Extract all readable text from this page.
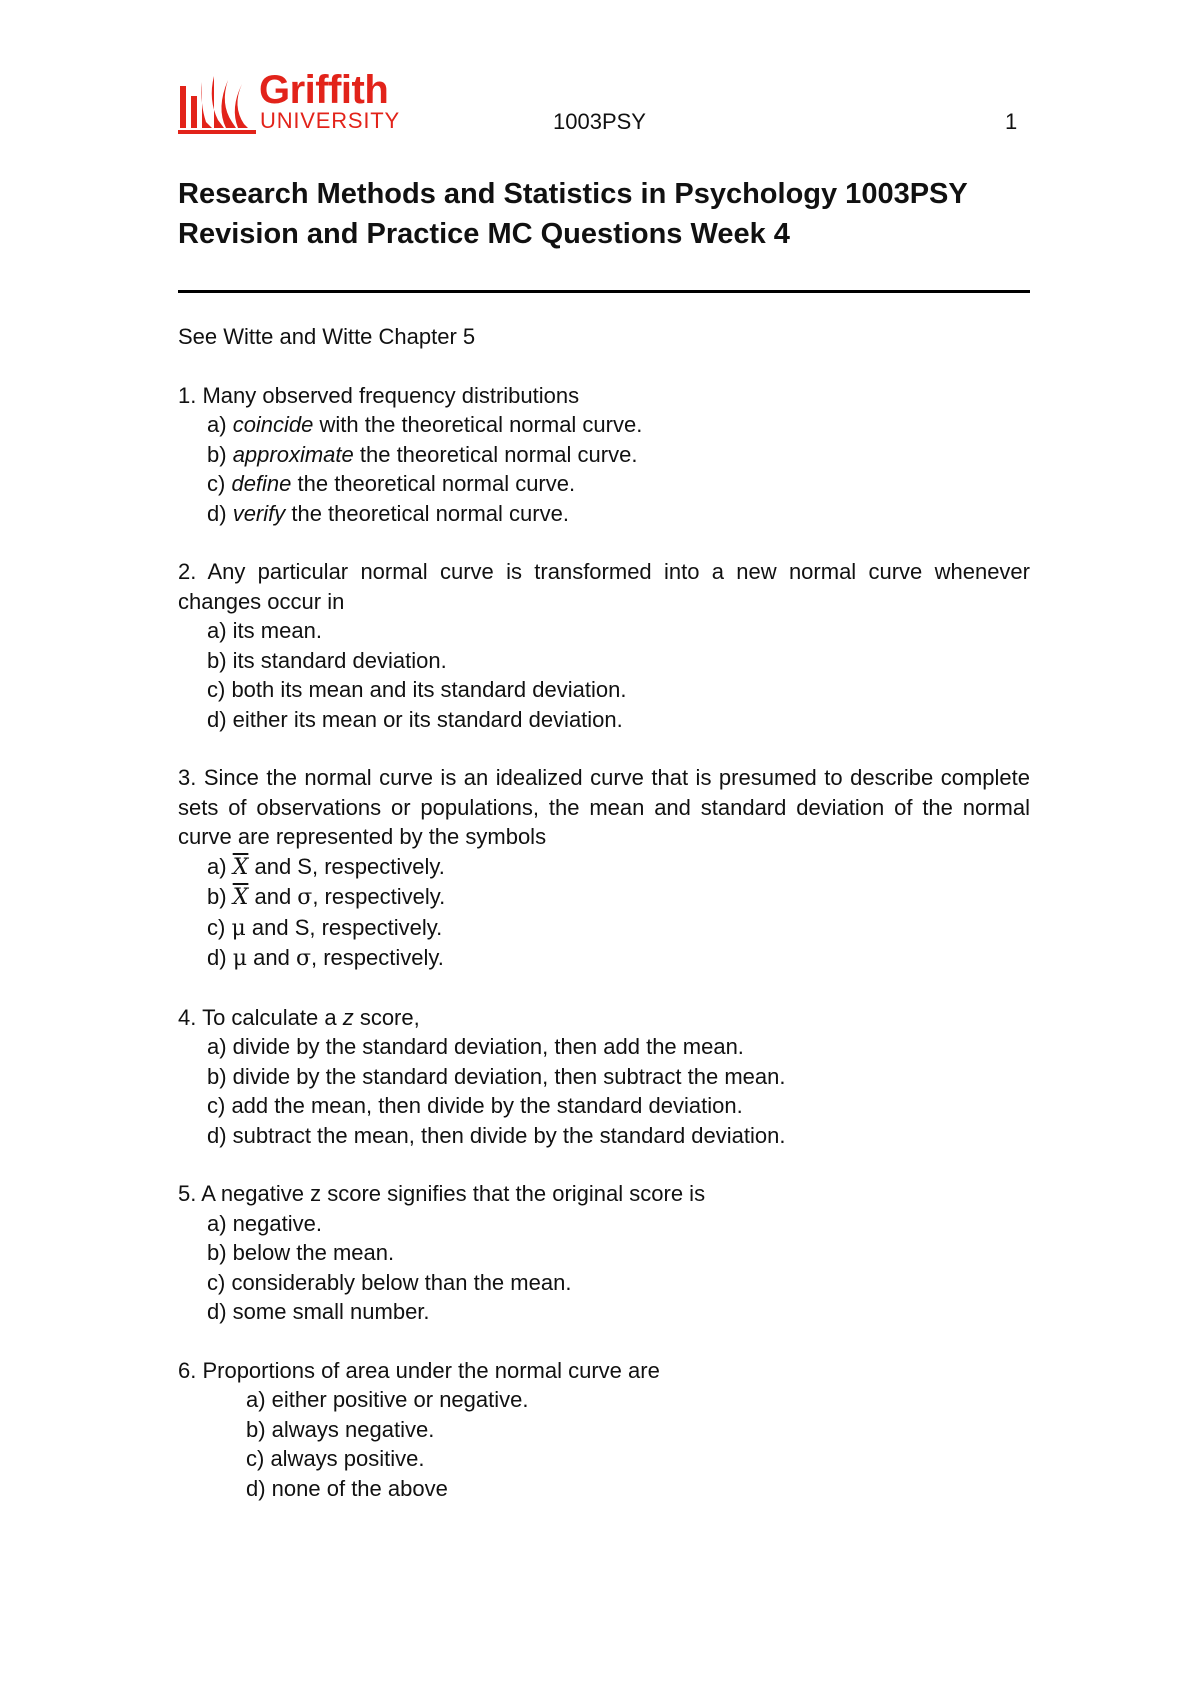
Griffith
UNIVERSITY	1003PSY	1
Research Methods and Statistics in Psychology 1003PSY
Revision and Practice MC Questions Week 4

See Witte and Witte Chapter 5

1. Many observed frequency distributions

a) coincide with the theoretical normal curve.

b) approximate the theoretical normal curve.

c) define the theoretical normal curve.

d) verify the theoretical normal curve.

2. Any particular normal curve is transformed into a new normal curve whenever changes occur in

a) its mean.

b) its standard deviation.

c) both its mean and its standard deviation.

d) either its mean or its standard deviation.

3. Since the normal curve is an idealized curve that is presumed to describe complete sets of observations or populations, the mean and standard deviation of the normal curve are represented by the symbols

a) $\overline{X}$ and S, respectively.

b) $\overline{X}$ and σ, respectively.

c) μ and S, respectively.

d) μ and σ, respectively.

4. To calculate a z score,

a) divide by the standard deviation, then add the mean.

b) divide by the standard deviation, then subtract the mean.

c) add the mean, then divide by the standard deviation.

d) subtract the mean, then divide by the standard deviation.

5. A negative z score signifies that the original score is

a) negative.

b) below the mean.

c) considerably below than the mean.

d) some small number.

6. Proportions of area under the normal curve are

a) either positive or negative.

b) always negative.

c) always positive.

d) none of the above
